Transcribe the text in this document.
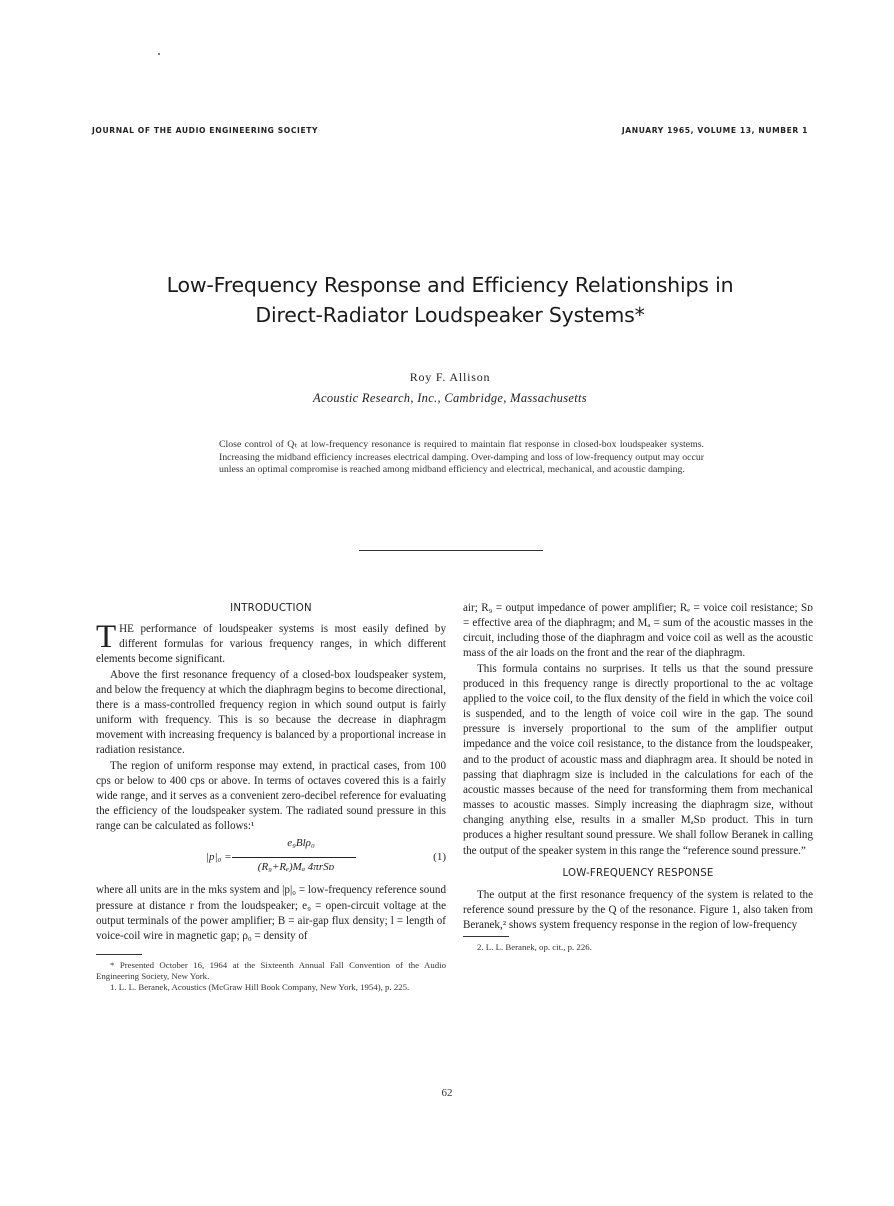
JOURNAL OF THE AUDIO ENGINEERING SOCIETY	JANUARY 1965, VOLUME 13, NUMBER 1
Low-Frequency Response and Efficiency Relationships in
Direct-Radiator Loudspeaker Systems*
Roy F. Allison
Acoustic Research, Inc., Cambridge, Massachusetts
Close control of Qₜ at low-frequency resonance is required to maintain flat response in closed-box loudspeaker systems. Increasing the midband efficiency increases electrical damping. Over-damping and loss of low-frequency output may occur unless an optimal compromise is reached among midband efficiency and electrical, mechanical, and acoustic damping.
INTRODUCTION

THE performance of loudspeaker systems is most easily defined by different formulas for various frequency ranges, in which different elements become significant.

Above the first resonance frequency of a closed-box loudspeaker system, and below the frequency at which the diaphragm begins to become directional, there is a mass-controlled frequency region in which sound output is fairly uniform with frequency. This is so because the decrease in diaphragm movement with increasing frequency is balanced by a proportional increase in radiation resistance.

The region of uniform response may extend, in practical cases, from 100 cps or below to 400 cps or above. In terms of octaves covered this is a fairly wide range, and it serves as a convenient zero-decibel reference for evaluating the efficiency of the loudspeaker system. The radiated sound pressure in this range can be calculated as follows:¹

|p|₀ =
e₉Blρ₀
(R₉+Rₑ)Mₐ 4πrSᴅ
(1)

where all units are in the mks system and |p|₀ = low-frequency reference sound pressure at distance r from the loudspeaker; e₉ = open-circuit voltage at the output terminals of the power amplifier; B = air-gap flux density; l = length of voice-coil wire in magnetic gap; ρ₀ = density of

* Presented October 16, 1964 at the Sixteenth Annual Fall Convention of the Audio Engineering Society, New York.

1. L. L. Beranek, Acoustics (McGraw Hill Book Company, New York, 1954), p. 225.

air; R₉ = output impedance of power amplifier; Rₑ = voice coil resistance; Sᴅ = effective area of the diaphragm; and Mₐ = sum of the acoustic masses in the circuit, including those of the diaphragm and voice coil as well as the acoustic mass of the air loads on the front and the rear of the diaphragm.

This formula contains no surprises. It tells us that the sound pressure produced in this frequency range is directly proportional to the ac voltage applied to the voice coil, to the flux density of the field in which the voice coil is suspended, and to the length of voice coil wire in the gap. The sound pressure is inversely proportional to the sum of the amplifier output impedance and the voice coil resistance, to the distance from the loudspeaker, and to the product of acoustic mass and diaphragm area. It should be noted in passing that diaphragm size is included in the calculations for each of the acoustic masses because of the need for transforming them from mechanical masses to acoustic masses. Simply increasing the diaphragm size, without changing anything else, results in a smaller MₐSᴅ product. This in turn produces a higher resultant sound pressure. We shall follow Beranek in calling the output of the speaker system in this range the “reference sound pressure.”

LOW-FREQUENCY RESPONSE

The output at the first resonance frequency of the system is related to the reference sound pressure by the Q of the resonance. Figure 1, also taken from Beranek,² shows system frequency response in the region of low-frequency

2. L. L. Beranek, op. cit., p. 226.

62
